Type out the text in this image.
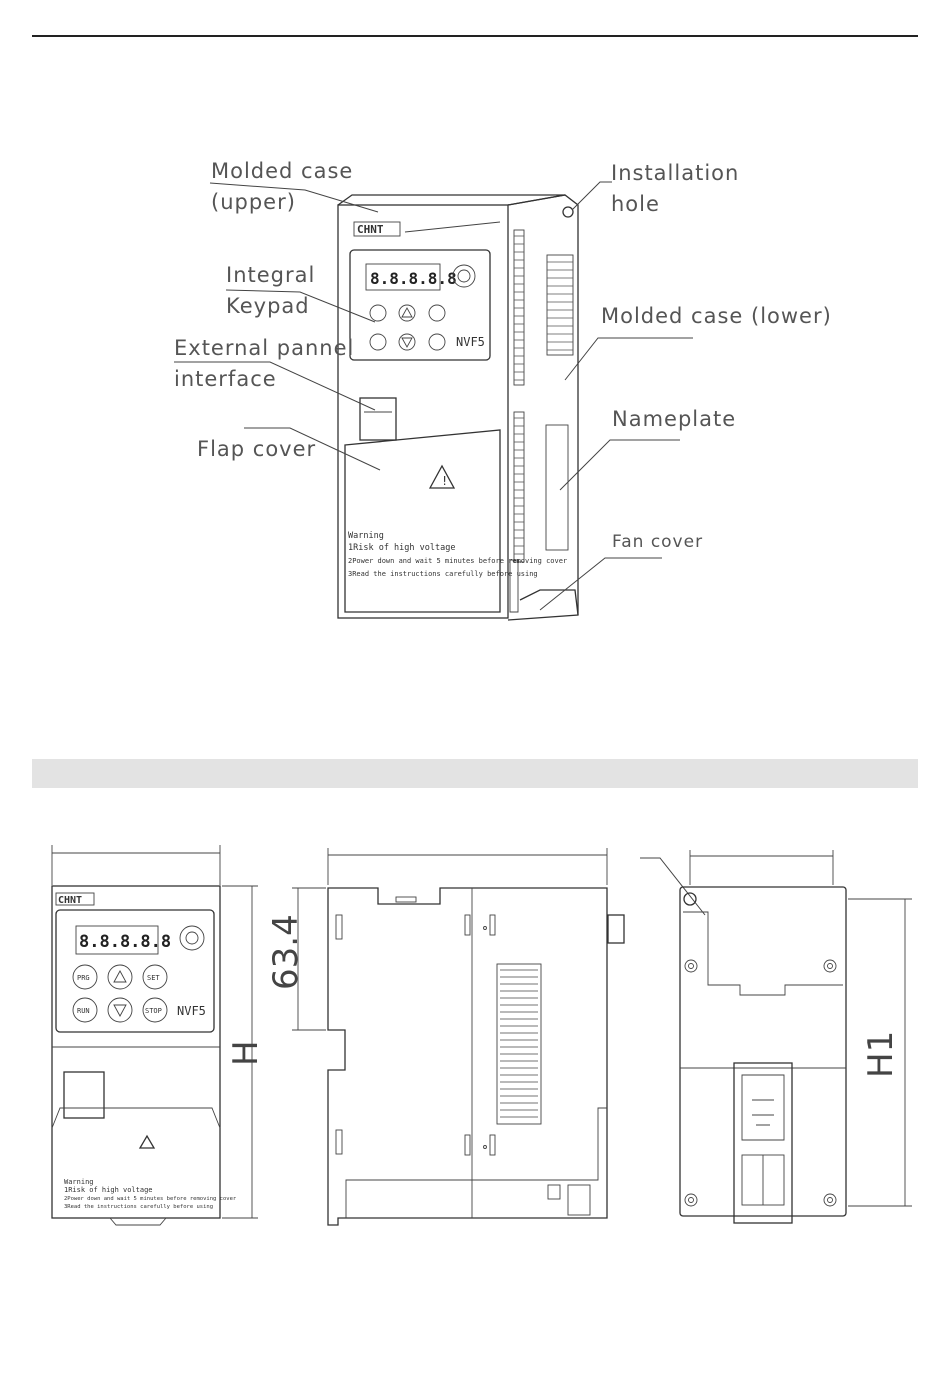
CHNT
8.8.8.8.8
NVF5
!
Warning
1Risk of high voltage
2Power down and wait 5 minutes before removing cover
3Read the instructions carefully before using
Molded case
(upper)
Installation
hole
Integral
Keypad	Molded case (lower)
External pannel
interface
Nameplate
Flap cover
Fan cover
CHNT
8.8.8.8.8
PRG	SET
RUN	STOP NVF5
Warning
1Risk of high voltage
2Power down and wait 5 minutes before removing cover
3Read the instructions carefully before using
H
63.4
H1
